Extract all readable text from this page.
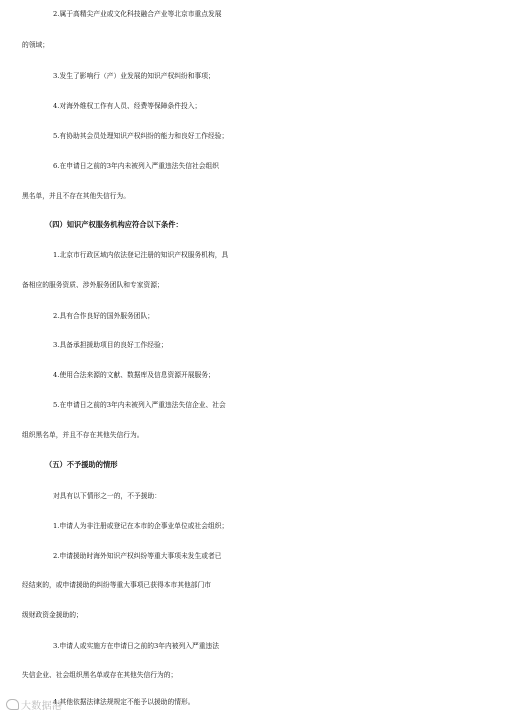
2.属于高精尖产业或文化科技融合产业等北京市重点发展
的领域；
3.发生了影响行（产）业发展的知识产权纠纷和事项；
4.对海外维权工作有人员、经费等保障条件投入；
5.有协助其会员处理知识产权纠纷的能力和良好工作经验；
6.在申请日之前的3年内未被列入严重违法失信社会组织
黑名单，并且不存在其他失信行为。
（四）知识产权服务机构应符合以下条件：
1.北京市行政区域内依法登记注册的知识产权服务机构，具
备相应的服务资质、涉外服务团队和专家资源；
2.具有合作良好的国外服务团队；
3.具备承担援助项目的良好工作经验；
4.使用合法来源的文献、数据库及信息资源开展服务；
5.在申请日之前的3年内未被列入严重违法失信企业、社会
组织黑名单，并且不存在其他失信行为。
（五）不予援助的情形
对具有以下情形之一的，不予援助：
1.申请人为非注册或登记在本市的企事业单位或社会组织；
2.申请援助时海外知识产权纠纷等重大事项未发生或者已
经结束的，或申请援助的纠纷等重大事项已获得本市其他部门市
级财政资金援助的；
3.申请人或实施方在申请日之前的3年内被列入严重违法
失信企业、社会组织黑名单或存在其他失信行为的；
4.其他依据法律法规规定不能予以援助的情形。
大数据港
